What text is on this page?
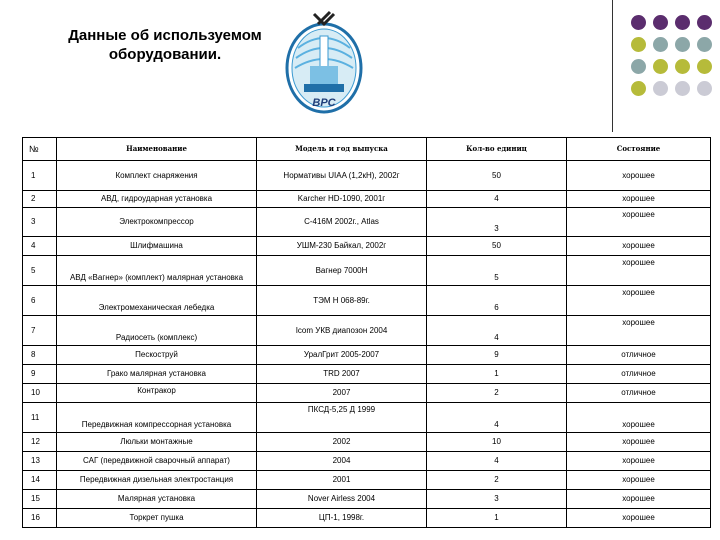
Данные об используемом оборудовании.
ВРС
№	Наименование	Модель и год выпуска	Кол-во единиц	Состояние
1	Комплект снаряжения	Нормативы UIAA (1,2кН), 2002г	50	хорошее
2	АВД, гидроударная установка	Karcher HD-1090, 2001г	4	хорошее
3	Электрокомпрессор	С-416М 2002г., Atlas	3	хорошее
4	Шлифмашина	УШМ-230 Байкал, 2002г	50	хорошее
5	АВД «Вагнер» (комплект) малярная установка	Вагнер 7000Н	5	хорошее
6	Электромеханическая лебедка	ТЭМ Н 068-89г.	6	хорошее
7	Радиосеть (комплекс)	Icom УКВ диапозон 2004	4	хорошее
8	Пескоструй	УралГрит 2005-2007	9	отличное
9	Грако малярная установка	TRD 2007	1	отличное
10	Контракор	2007	2	отличное
11	Передвижная компрессорная установка	ПКСД-5,25 Д 1999	4	хорошее
12	Люльки монтажные	2002	10	хорошее
13	САГ (передвижной сварочный аппарат)	2004	4	хорошее
14	Передвижная дизельная электростанция	2001	2	хорошее
15	Малярная установка	Nover Airless 2004	3	хорошее
16	Торкрет пушка	ЦП-1, 1998г.	1	хорошее
